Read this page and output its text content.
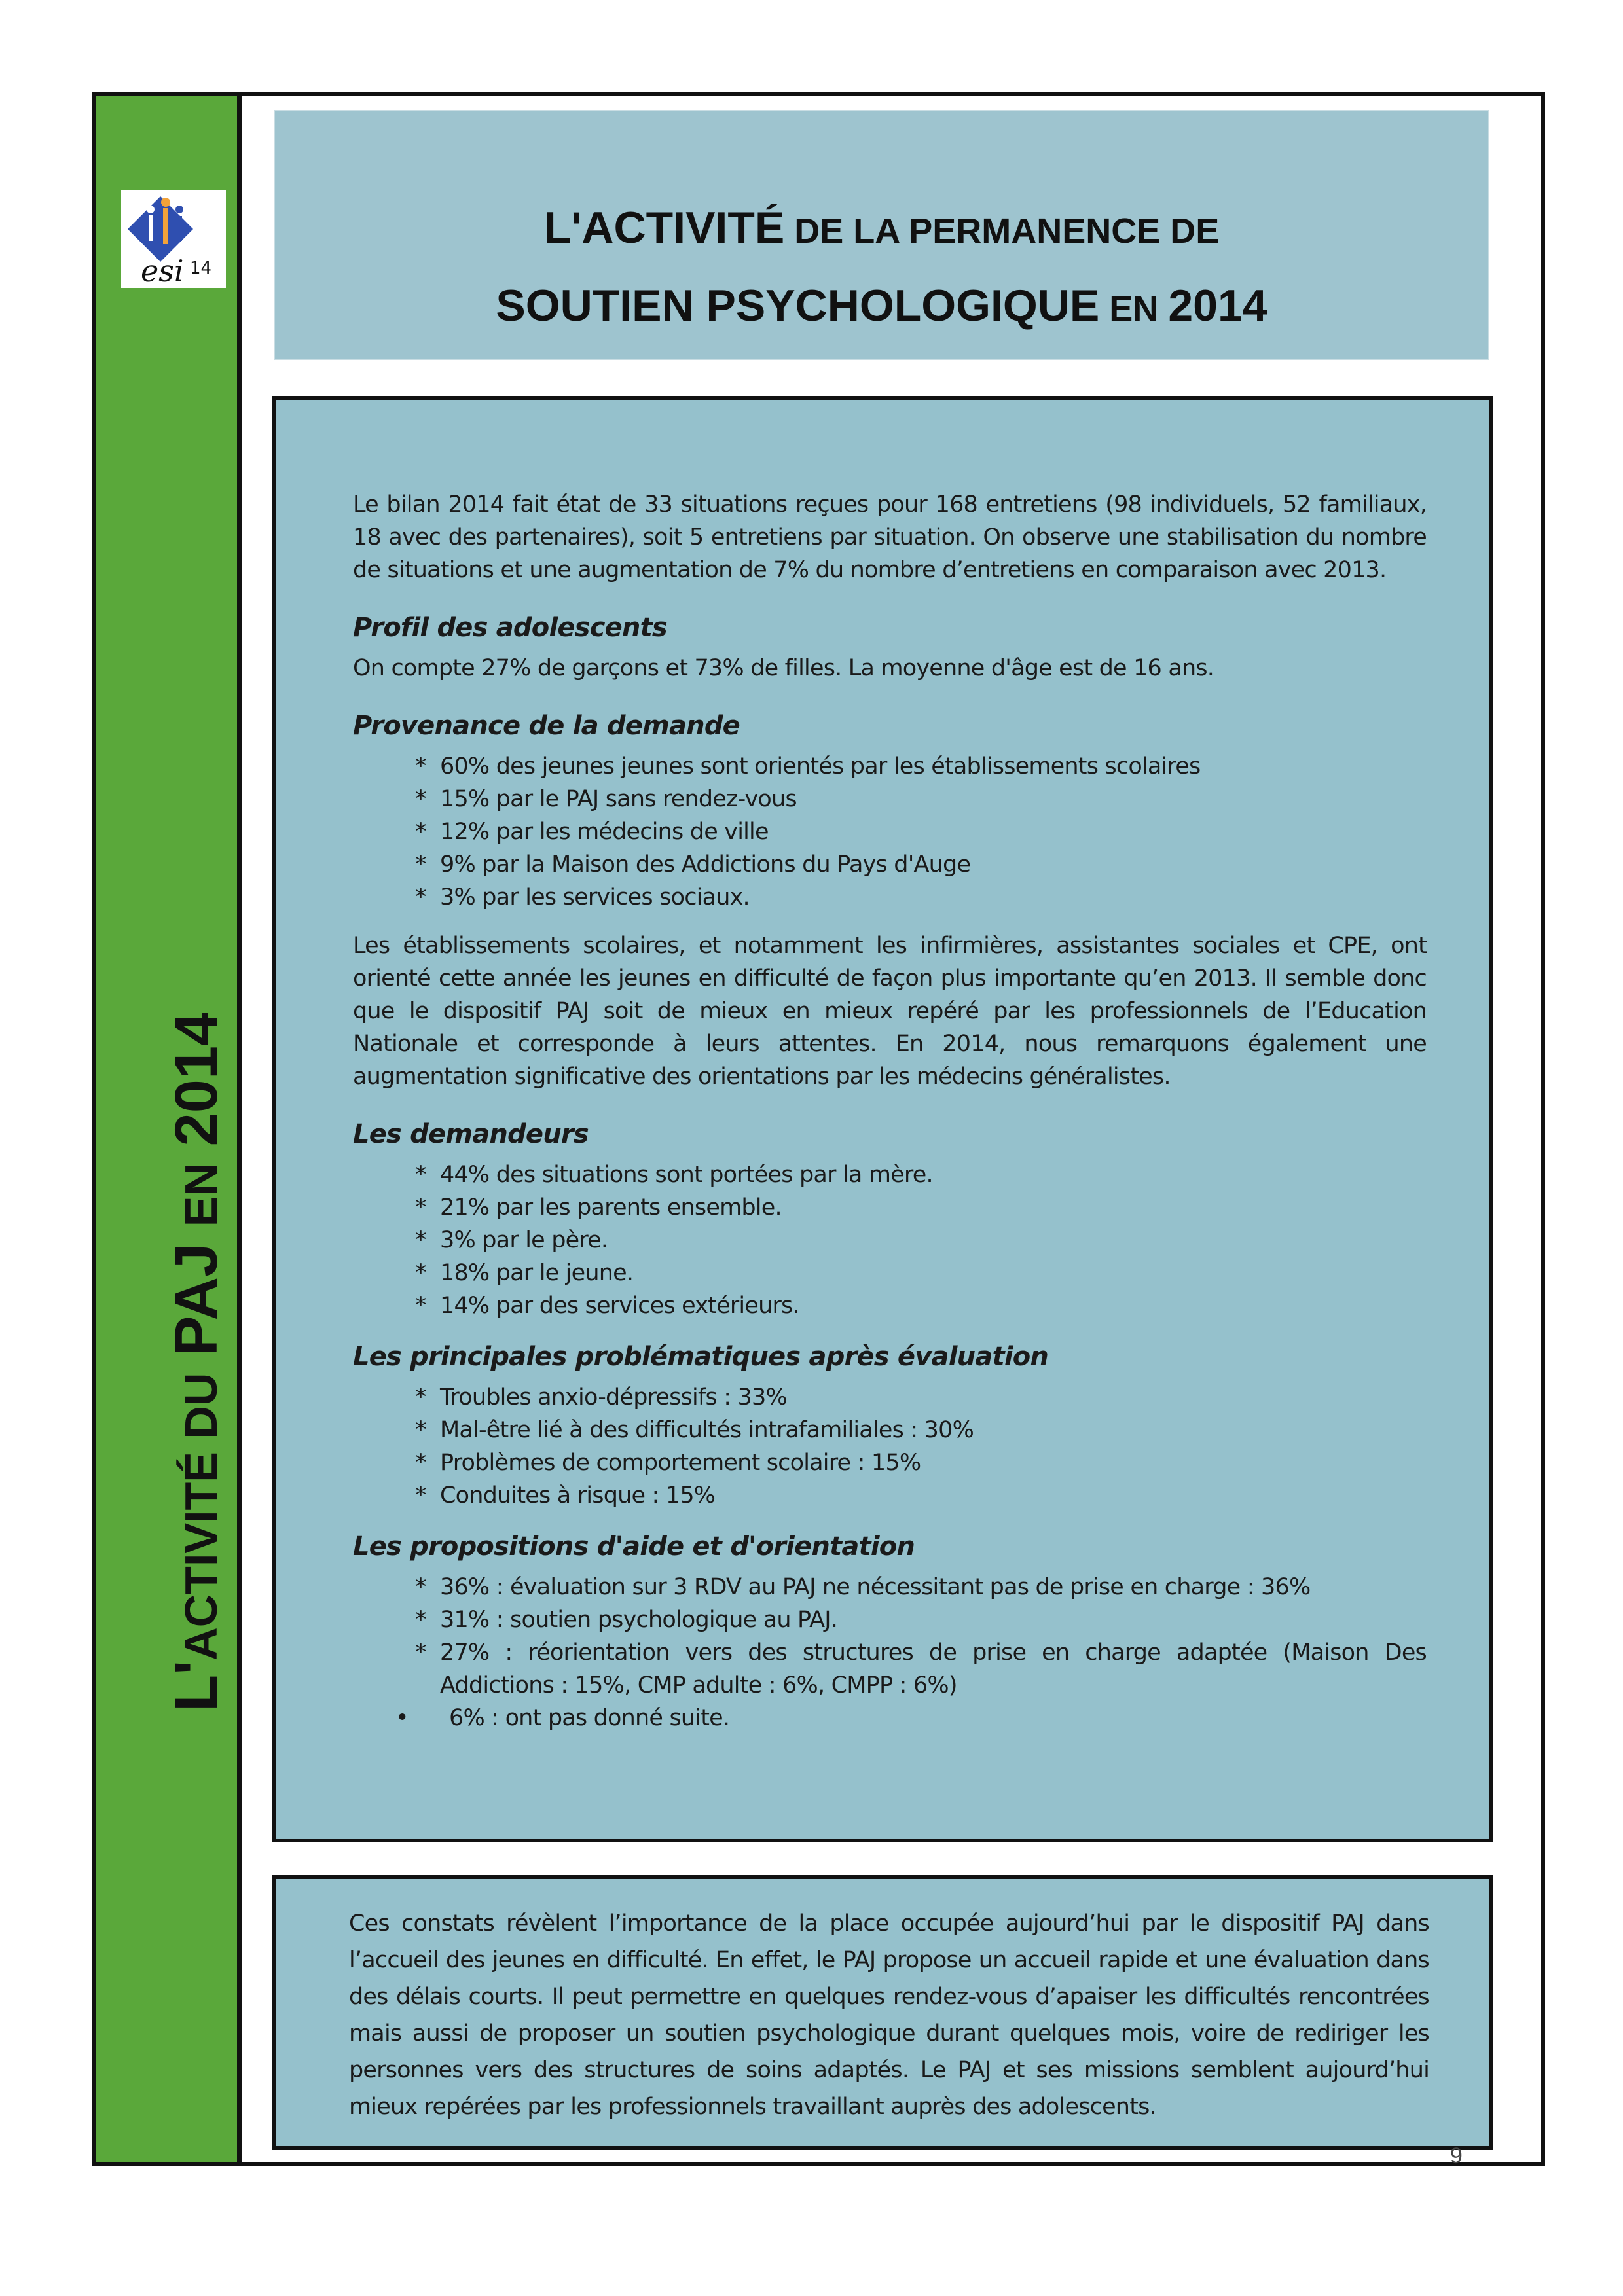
esi 14
L'ACTIVITÉ DU PAJ EN 2014
L'ACTIVITÉ DE LA PERMANENCE DE
SOUTIEN PSYCHOLOGIQUE EN 2014

Le bilan 2014 fait état de 33 situations reçues pour 168 entretiens (98 individuels, 52 familiaux, 18 avec des partenaires), soit 5 entretiens par situation. On observe une stabilisation du nombre de situations et une augmentation de 7% du nombre d’entretiens en comparaison avec 2013.

Profil des adolescents

On compte 27% de garçons et 73% de filles. La moyenne d'âge est de 16 ans.

Provenance de la demande
* 60% des jeunes jeunes sont orientés par les établissements scolaires
* 15% par le PAJ sans rendez-vous
* 12% par les médecins de ville
* 9% par la Maison des Addictions du Pays d'Auge
* 3% par les services sociaux.

Les établissements scolaires, et notamment les infirmières, assistantes sociales et CPE, ont orienté cette année les jeunes en difficulté de façon plus importante qu’en 2013. Il semble donc que le dispositif PAJ soit de mieux en mieux repéré par les professionnels de l’Education Nationale et corresponde à leurs attentes. En 2014, nous remarquons également une augmentation significative des orientations par les médecins généralistes.

Les demandeurs
* 44% des situations sont portées par la mère.
* 21% par les parents ensemble.
* 3% par le père.
* 18% par le jeune.
* 14% par des services extérieurs.
Les principales problématiques après évaluation
* Troubles anxio-dépressifs : 33%
* Mal-être lié à des difficultés intrafamiliales : 30%
* Problèmes de comportement scolaire : 15%
* Conduites à risque : 15%
Les propositions d'aide et d'orientation
* 36% : évaluation sur 3 RDV au PAJ ne nécessitant pas de prise en charge : 36%
* 31% : soutien psychologique au PAJ.
* 27% : réorientation vers des structures de prise en charge adaptée (Maison Des Addictions : 15%, CMP adulte : 6%, CMPP : 6%)
• 6% : ont pas donné suite.
Ces constats révèlent l’importance de la place occupée aujourd’hui par le dispositif PAJ dans l’accueil des jeunes en difficulté. En effet, le PAJ propose un accueil rapide et une évaluation dans des délais courts. Il peut permettre en quelques rendez-vous d’apaiser les difficultés rencontrées mais aussi de proposer un soutien psychologique durant quelques mois, voire de rediriger les personnes vers des structures de soins adaptés. Le PAJ et ses missions semblent aujourd’hui mieux repérées par les professionnels travaillant auprès des adolescents.
9
